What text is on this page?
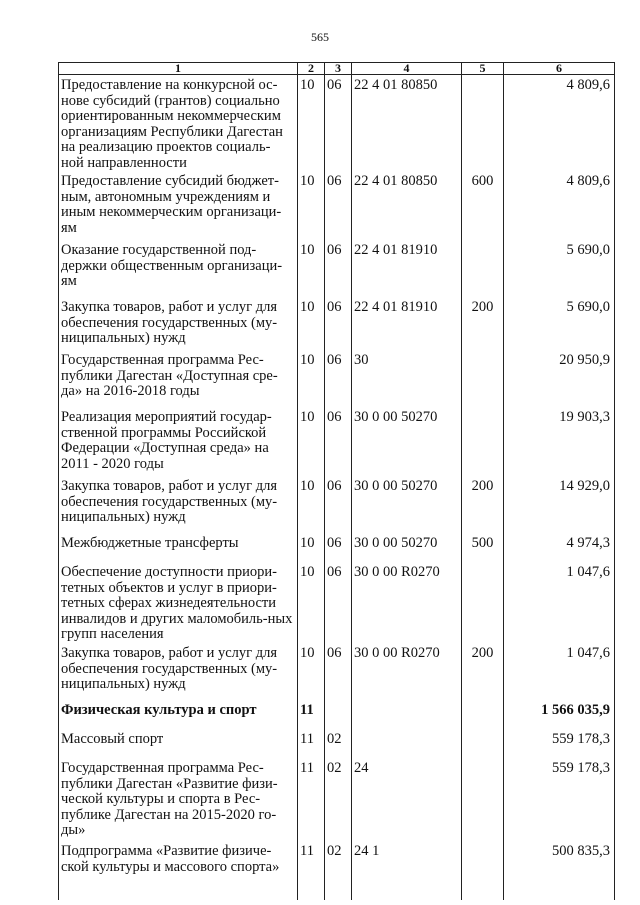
565
1	2	3	4	5	6
Предоставление на конкурсной ос-нове субсидий (грантов) социально ориентированным некоммерческим организациям Республики Дагестан на реализацию проектов социаль-ной направленности	10	06	22 4 01 80850		4 809,6
Предоставление субсидий бюджет-ным, автономным учреждениям и иным некоммерческим организаци-ям	10	06	22 4 01 80850	600	4 809,6
Оказание государственной под-держки общественным организаци-ям	10	06	22 4 01 81910		5 690,0
Закупка товаров, работ и услуг для обеспечения государственных (му-ниципальных) нужд	10	06	22 4 01 81910	200	5 690,0
Государственная программа Рес-публики Дагестан «Доступная сре-да» на 2016-2018 годы	10	06	30		20 950,9
Реализация мероприятий государ-ственной программы Российской Федерации «Доступная среда» на 2011 - 2020 годы	10	06	30 0 00 50270		19 903,3
Закупка товаров, работ и услуг для обеспечения государственных (му-ниципальных) нужд	10	06	30 0 00 50270	200	14 929,0
Межбюджетные трансферты	10	06	30 0 00 50270	500	4 974,3
Обеспечение доступности приори-тетных объектов и услуг в приори-тетных сферах жизнедеятельности инвалидов и других маломобиль-ных групп населения	10	06	30 0 00 R0270		1 047,6
Закупка товаров, работ и услуг для обеспечения государственных (му-ниципальных) нужд	10	06	30 0 00 R0270	200	1 047,6
Физическая культура и спорт	11				1 566 035,9
Массовый спорт	11	02			559 178,3
Государственная программа Рес-публики Дагестан «Развитие физи-ческой культуры и спорта в Рес-публике Дагестан на 2015-2020 го-ды»	11	02	24		559 178,3
Подпрограмма «Развитие физиче-ской культуры и массового спорта»	11	02	24 1		500 835,3
